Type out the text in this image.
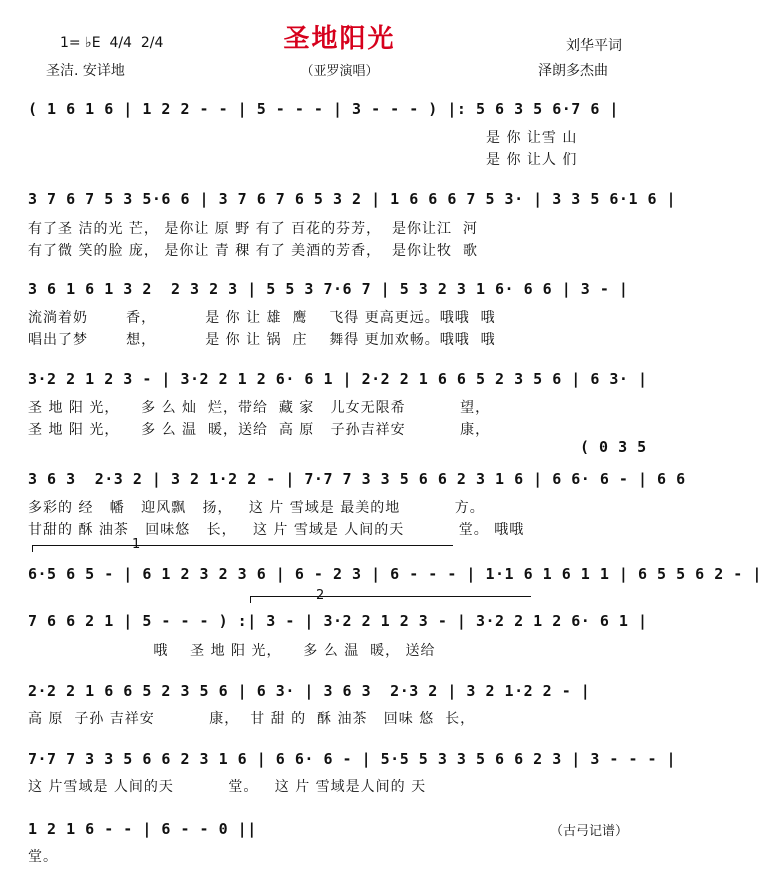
圣地阳光
（亚罗演唱）
1= ♭E  4/4  2/4
圣洁. 安详地
刘华平词
泽朗多杰曲
( 1 6 1 6 | 1 2 2 - - | 5 - - - | 3 - - - ) |: 5 6 3 5 6·7 6 |
是 你 让雪 山
是 你 让人 们
3 7 6 7 5 3 5·6 6 | 3 7 6 7 6 5 3 2 | 1 6 6 6 7 5 3· | 3 3 5 6·1 6 |
有了圣 洁的光 芒， 是你让 原 野 有了 百花的芬芳，  是你让江  河
有了微 笑的脸 庞， 是你让 青 稞 有了 美酒的芳香，  是你让牧  歌
3 6 1 6 1 3 2  2 3 2 3 | 5 5 3 7·6 7 | 5 3 2 3 1 6· 6 6 | 3 - |
流淌着奶       香，         是 你 让 雄  鹰    飞得 更高更远。哦哦  哦
唱出了梦       想，         是 你 让 锅  庄    舞得 更加欢畅。哦哦  哦
3·2 2 1 2 3 - | 3·2 2 1 2 6· 6 1 | 2·2 2 1 6 6 5 2 3 5 6 | 6 3· |
圣 地 阳 光，    多 么 灿  烂，带给  藏 家   儿女无限希          望，
圣 地 阳 光，    多 么 温  暖，送给  高 原   子孙吉祥安          康，
( 0 3 5
3 6 3  2·3 2 | 3 2 1·2 2 - | 7·7 7 3 3 5 6 6 2 3 1 6 | 6 6· 6 - | 6 6
多彩的 经   幡   迎风飘   扬，   这 片 雪域是 最美的地          方。
甘甜的 酥 油茶   回味悠   长，   这 片 雪域是 人间的天          堂。 哦哦
1
2
6·5 6 5 - | 6 1 2 3 2 3 6 | 6 - 2 3 | 6 - - - | 1·1 6 1 6 1 1 | 6 5 5 6 2 - |
7 6 6 2 1 | 5 - - - ) :| 3 - | 3·2 2 1 2 3 - | 3·2 2 1 2 6· 6 1 |
哦    圣 地 阳 光，    多 么 温  暖， 送给
2·2 2 1 6 6 5 2 3 5 6 | 6 3· | 3 6 3  2·3 2 | 3 2 1·2 2 - |
高 原  子孙 吉祥安          康，  甘 甜 的  酥 油茶   回味 悠  长，
7·7 7 3 3 5 6 6 2 3 1 6 | 6 6· 6 - | 5·5 5 3 3 5 6 6 2 3 | 3 - - - |
这 片雪域是 人间的天          堂。   这 片 雪域是人间的 天
1 2 1 6 - - | 6 - - 0 ||
堂。
（古弓记谱）
